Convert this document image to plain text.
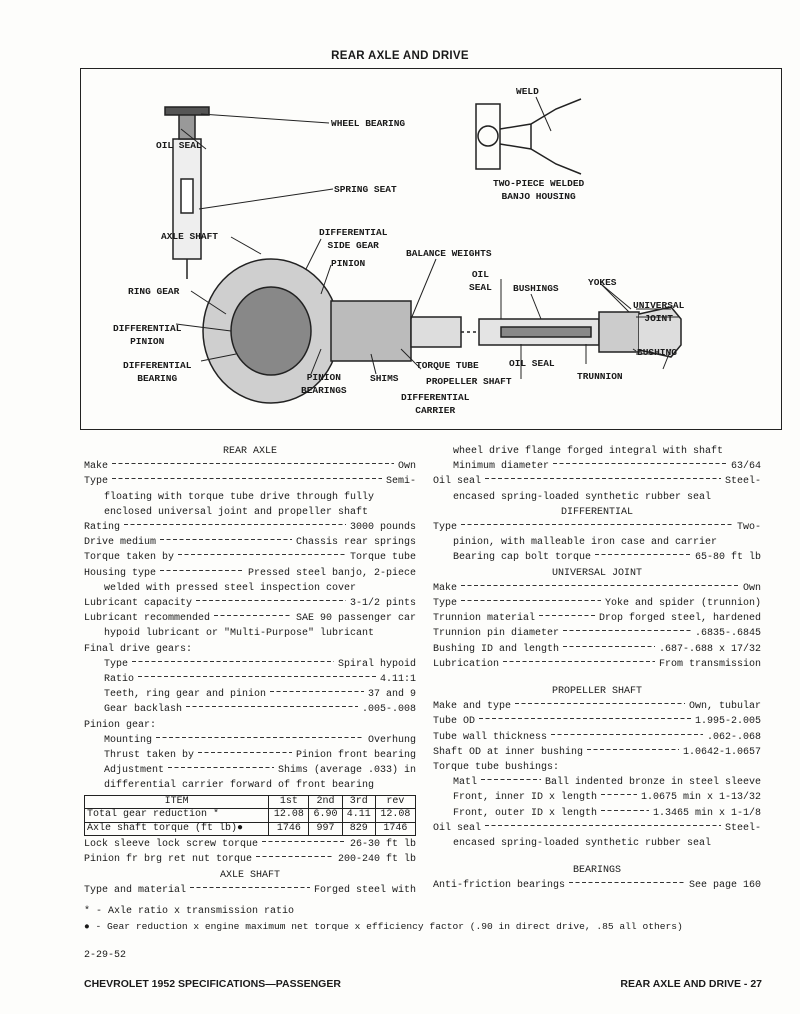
REAR AXLE AND DRIVE
WHEEL BEARING
OIL SEAL
SPRING SEAT
WELD
TWO-PIECE WELDED
BANJO HOUSING
AXLE SHAFT	DIFFERENTIAL
SIDE GEAR
PINION
BALANCE WEIGHTS
RING GEAR
OIL
SEAL BUSHINGS
YOKES
UNIVERSAL
JOINT
DIFFERENTIAL
PINION
BUSHING
DIFFERENTIAL
BEARING	PINION
BEARINGS
SHIMS
TORQUE TUBE	OIL SEAL
PROPELLER SHAFT	TRUNNION
DIFFERENTIAL
CARRIER
REAR AXLE
Make	Own
Type	Semi-
floating with torque tube drive through fully
enclosed universal joint and propeller shaft
Rating	3000 pounds
Drive medium	Chassis rear springs
Torque taken by	Torque tube
Housing type	Pressed steel banjo, 2-piece
welded with pressed steel inspection cover
Lubricant capacity	3-1/2 pints
Lubricant recommended	SAE 90 passenger car
hypoid lubricant or "Multi-Purpose" lubricant
Final drive gears:
Type	Spiral hypoid
Ratio	4.11:1
Teeth, ring gear and pinion	37 and 9
Gear backlash	.005-.008
Pinion gear:
Mounting	Overhung
Thrust taken by	Pinion front bearing
Adjustment	Shims (average .033) in
differential carrier forward of front bearing
ITEM	1st	2nd	3rd	rev
Total gear reduction *	12.08	6.90	4.11	12.08
Axle shaft torque (ft lb)●	1746	997	829	1746
Lock sleeve lock screw torque	26-30 ft lb
Pinion fr brg ret nut torque	200-240 ft lb
AXLE SHAFT
Type and material	Forged steel with
wheel drive flange forged integral with shaft
Minimum diameter	63/64
Oil seal	Steel-
encased spring-loaded synthetic rubber seal
DIFFERENTIAL
Type	Two-
pinion, with malleable iron case and carrier
Bearing cap bolt torque	65-80 ft lb
UNIVERSAL JOINT
Make	Own
Type	Yoke and spider (trunnion)
Trunnion material	Drop forged steel, hardened
Trunnion pin diameter	.6835-.6845
Bushing ID and length	.687-.688 x 17/32
Lubrication	From transmission
PROPELLER SHAFT
Make and type	Own, tubular
Tube OD	1.995-2.005
Tube wall thickness	.062-.068
Shaft OD at inner bushing	1.0642-1.0657
Torque tube bushings:
Matl	Ball indented bronze in steel sleeve
Front, inner ID x length	1.0675 min x 1-13/32
Front, outer ID x length	1.3465 min x 1-1/8
Oil seal	Steel-
encased spring-loaded synthetic rubber seal
BEARINGS
Anti-friction bearings	See page 160
* - Axle ratio x transmission ratio
● - Gear reduction x engine maximum net torque x efficiency factor (.90 in direct drive, .85 all others)
2-29-52
CHEVROLET 1952 SPECIFICATIONS—PASSENGER	REAR AXLE AND DRIVE - 27
